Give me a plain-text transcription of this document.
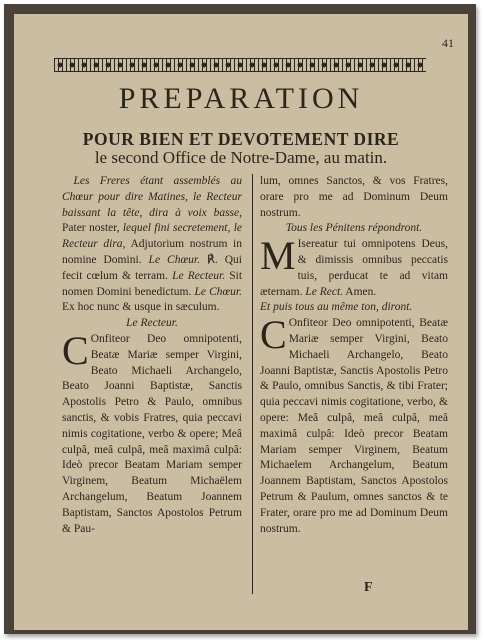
41
PREPARATION
POUR BIEN ET DEVOTEMENT DIRE
le second Office de Notre-Dame, au matin.

 Les Freres étant assemblés au Chœur pour dire Matines, le Recteur baissant la tête, dira à voix basse, Pater noster, lequel fini secretement, le Recteur dira, Adjutorium nostrum in nomine Domini. Le Chœur. ℟. Qui fecit cœlum & terram. Le Recteur. Sit nomen Domini benedictum. Le Chœur. Ex hoc nunc & usque in sæculum.

Le Recteur.

C Onfiteor Deo omnipotenti, Beatæ Mariæ semper Virgini, Beato Michaeli Archangelo, Beato Joanni Baptistæ, Sanctis Apostolis Petro & Paulo, omnibus sanctis, & vobis Fratres, quia peccavi nimis cogitatione, verbo & opere; Meâ culpâ, meâ culpâ, meâ maximâ culpâ: Ideò precor Beatam Mariam semper Virginem, Beatum Michaëlem Archangelum, Beatum Joannem Baptistam, Sanctos Apostolos Petrum & Pau-

lum, omnes Sanctos, & vos Fratres, orare pro me ad Dominum Deum nostrum.

Tous les Pénitens répondront.

M Isereatur tui omnipotens Deus, & dimissis omnibus peccatis tuis, perducat te ad vitam æternam. Le Rect. Amen.

Et puis tous au même ton, diront.

C Onfiteor Deo omnipotenti, Beatæ Mariæ semper Virgini, Beato Michaeli Archangelo, Beato Joanni Baptistæ, Sanctis Apostolis Petro & Paulo, omnibus Sanctis, & tibi Frater; quia peccavi nimis cogitatione, verbo, & opere: Meâ culpâ, meâ culpâ, meâ maximâ culpâ: Ideò precor Beatam Mariam semper Virginem, Beatum Michaelem Archangelum, Beatum Joannem Baptistam, Sanctos Apostolos Petrum & Paulum, omnes sanctos & te Frater, orare pro me ad Dominum Deum nostrum.

F
